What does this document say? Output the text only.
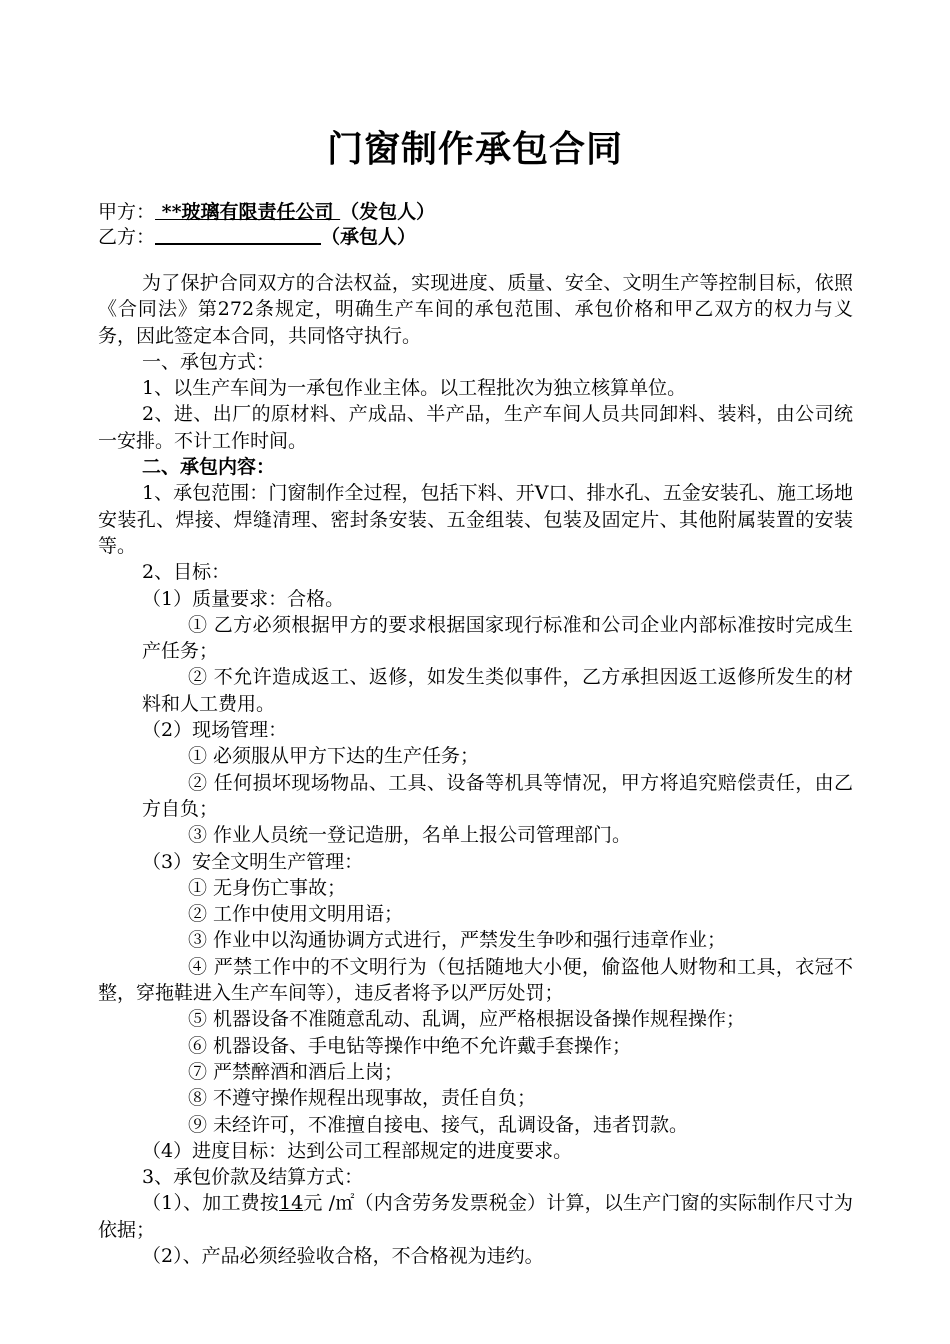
门窗制作承包合同
甲方： **玻璃有限责任公司 （发包人）
乙方：	（承包人）

为了保护合同双方的合法权益，实现进度、质量、安全、文明生产等控制目标，依照《合同法》第272条规定，明确生产车间的承包范围、承包价格和甲乙双方的权力与义务，因此签定本合同，共同恪守执行。

一、承包方式：

1、以生产车间为一承包作业主体。以工程批次为独立核算单位。

2、进、出厂的原材料、产成品、半产品，生产车间人员共同卸料、装料，由公司统一安排。不计工作时间。

二、承包内容：

1、承包范围：门窗制作全过程，包括下料、开V口、排水孔、五金安装孔、施工场地安装孔、焊接、焊缝清理、密封条安装、五金组装、包装及固定片、其他附属装置的安装等。

2、目标：

（1）质量要求：合格。

① 乙方必须根据甲方的要求根据国家现行标准和公司企业内部标准按时完成生产任务；

② 不允许造成返工、返修，如发生类似事件，乙方承担因返工返修所发生的材料和人工费用。

（2）现场管理：

① 必须服从甲方下达的生产任务；

② 任何损坏现场物品、工具、设备等机具等情况，甲方将追究赔偿责任，由乙方自负；

③ 作业人员统一登记造册，名单上报公司管理部门。

（3）安全文明生产管理：

① 无身伤亡事故；

② 工作中使用文明用语；

③ 作业中以沟通协调方式进行，严禁发生争吵和强行违章作业；

④ 严禁工作中的不文明行为（包括随地大小便，偷盗他人财物和工具，衣冠不整，穿拖鞋进入生产车间等），违反者将予以严厉处罚；

⑤ 机器设备不准随意乱动、乱调，应严格根据设备操作规程操作；

⑥ 机器设备、手电钻等操作中绝不允许戴手套操作；

⑦ 严禁醉酒和酒后上岗；

⑧ 不遵守操作规程出现事故，责任自负；

⑨ 未经许可，不准擅自接电、接气，乱调设备，违者罚款。

（4）进度目标：达到公司工程部规定的进度要求。

3、承包价款及结算方式：

（1）、加工费按14元 /㎡（内含劳务发票税金）计算，以生产门窗的实际制作尺寸为依据；

（2）、产品必须经验收合格，不合格视为违约。
